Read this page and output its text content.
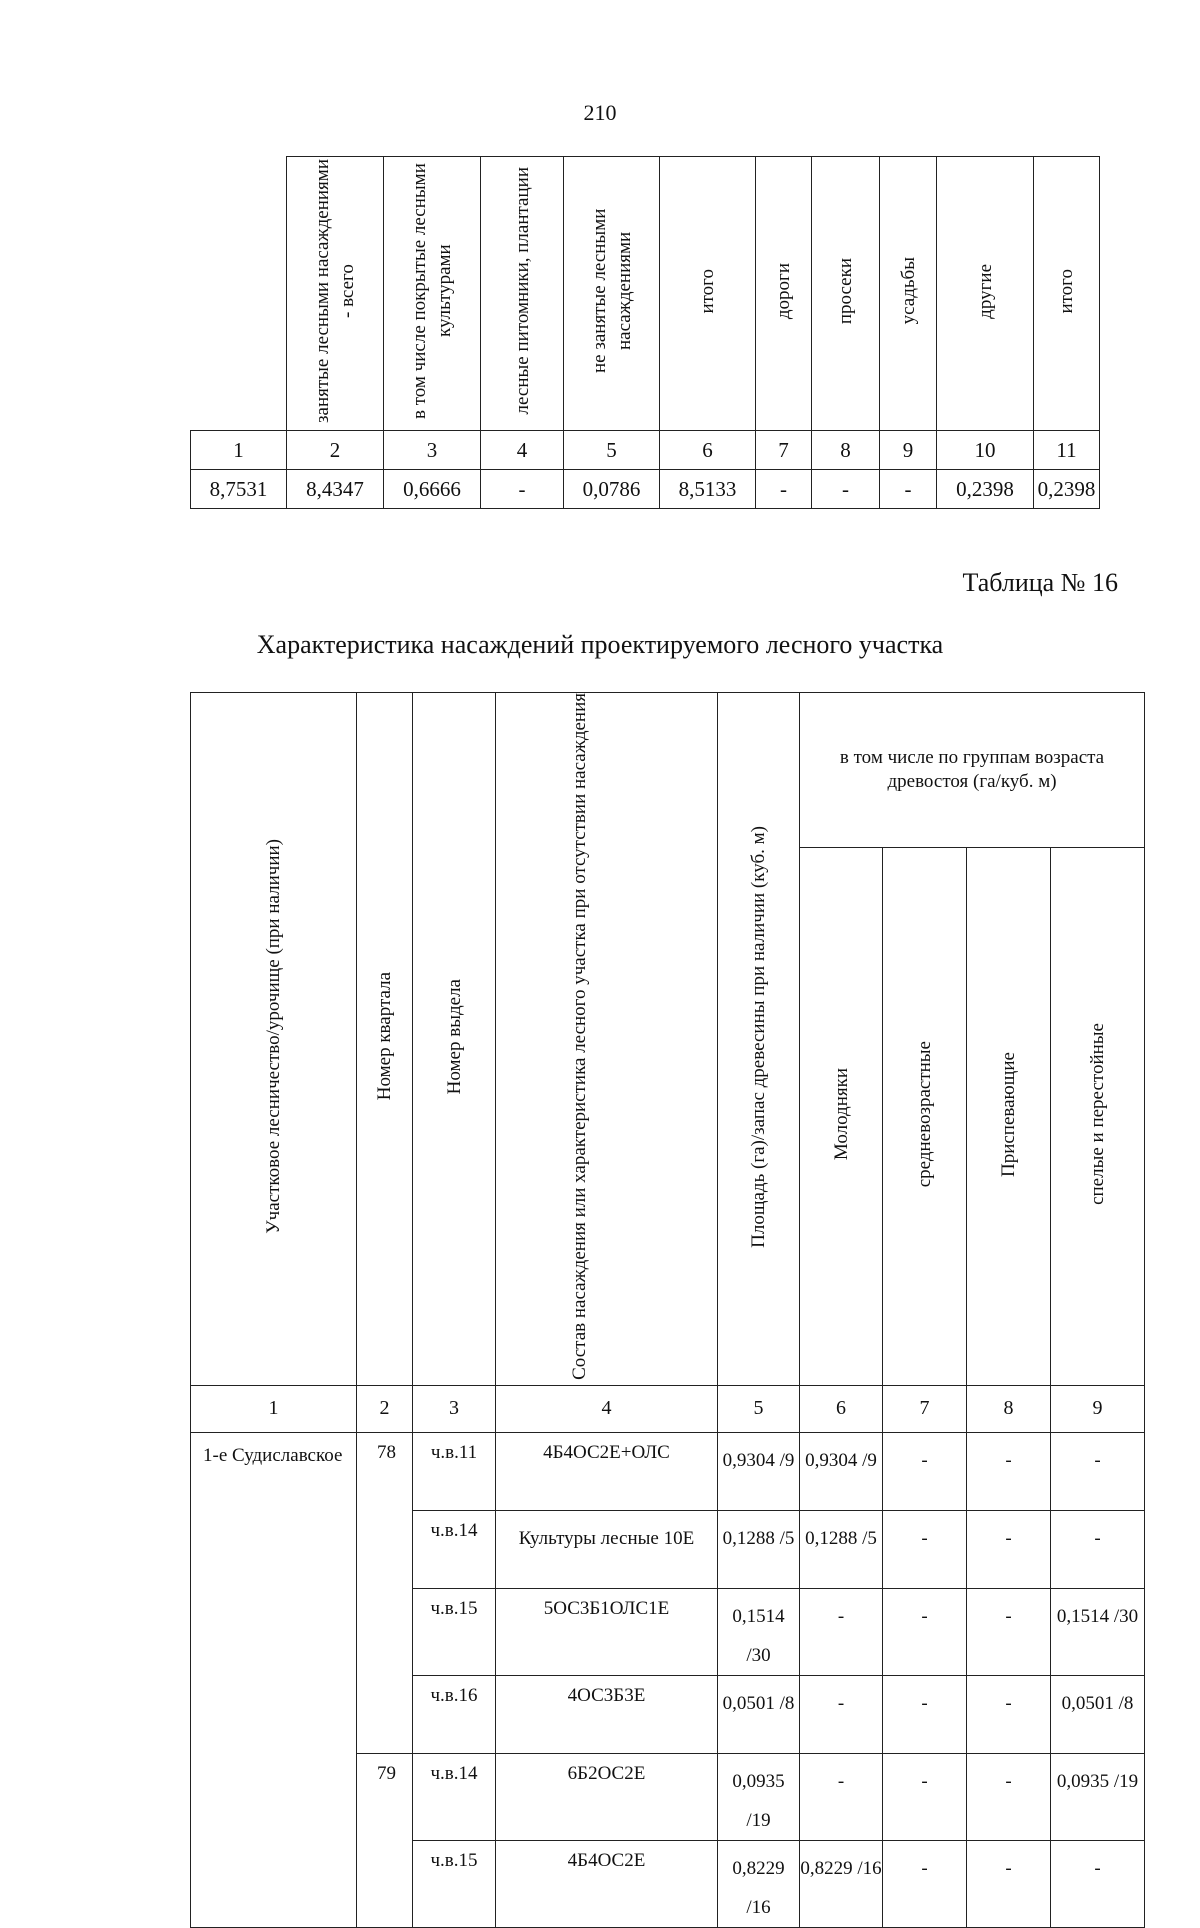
210
	занятые лесными насаждениями - всего	в том числе покрытые лесными культурами	лесные питомники, плантации	не занятые лесными насаждениями	итого	дороги	просеки	усадьбы	другие	итого
1	2	3	4	5	6	7	8	9	10	11
8,7531	8,4347	0,6666	-	0,0786	8,5133	-	-	-	0,2398	0,2398
Таблица № 16
Характеристика насаждений проектируемого лесного участка
Участковое лесничество/урочище (при наличии)	Номер квартала	Номер выдела	Состав насаждения или характеристика лесного участка при отсутствии насаждения	Площадь (га)/запас древесины при наличии (куб. м)	в том числе по группам возраста древостоя (га/куб. м)			
					Молодняки	средневозрастные	Приспевающие	спелые и перестойные
1	2	3	4	5	6	7	8	9
1-е Судиславское	78	ч.в.11	4Б4ОС2Е+ОЛС	0,9304 /9	0,9304 /9	-	-	-
		ч.в.14	Культуры лесные 10Е	0,1288 /5	0,1288 /5	-	-	-
		ч.в.15	5ОС3Б1ОЛС1Е	0,1514 /30	-	-	-	0,1514 /30
		ч.в.16	4ОС3Б3Е	0,0501 /8	-	-	-	0,0501 /8
	79	ч.в.14	6Б2ОС2Е	0,0935 /19	-	-	-	0,0935 /19
		ч.в.15	4Б4ОС2Е	0,8229 /16	0,8229 /16	-	-	-
